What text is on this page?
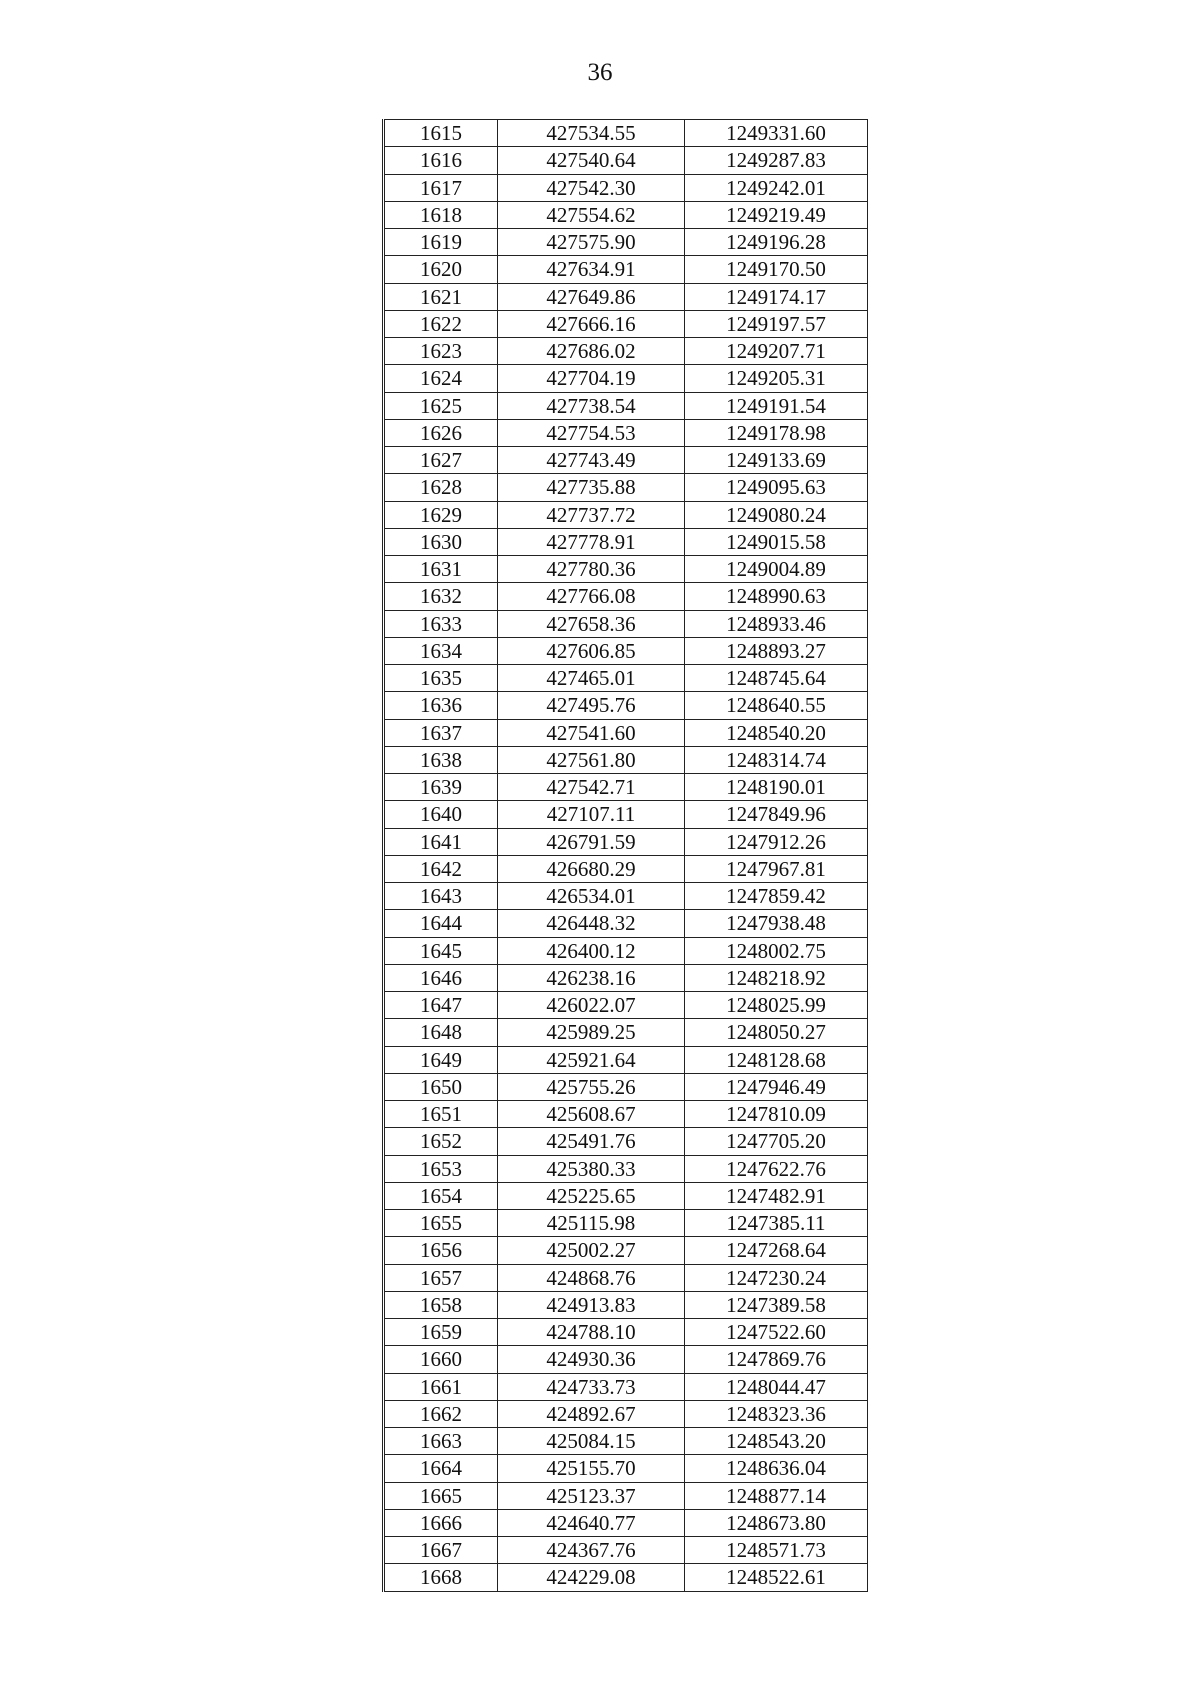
36
1615	427534.55	1249331.60
1616	427540.64	1249287.83
1617	427542.30	1249242.01
1618	427554.62	1249219.49
1619	427575.90	1249196.28
1620	427634.91	1249170.50
1621	427649.86	1249174.17
1622	427666.16	1249197.57
1623	427686.02	1249207.71
1624	427704.19	1249205.31
1625	427738.54	1249191.54
1626	427754.53	1249178.98
1627	427743.49	1249133.69
1628	427735.88	1249095.63
1629	427737.72	1249080.24
1630	427778.91	1249015.58
1631	427780.36	1249004.89
1632	427766.08	1248990.63
1633	427658.36	1248933.46
1634	427606.85	1248893.27
1635	427465.01	1248745.64
1636	427495.76	1248640.55
1637	427541.60	1248540.20
1638	427561.80	1248314.74
1639	427542.71	1248190.01
1640	427107.11	1247849.96
1641	426791.59	1247912.26
1642	426680.29	1247967.81
1643	426534.01	1247859.42
1644	426448.32	1247938.48
1645	426400.12	1248002.75
1646	426238.16	1248218.92
1647	426022.07	1248025.99
1648	425989.25	1248050.27
1649	425921.64	1248128.68
1650	425755.26	1247946.49
1651	425608.67	1247810.09
1652	425491.76	1247705.20
1653	425380.33	1247622.76
1654	425225.65	1247482.91
1655	425115.98	1247385.11
1656	425002.27	1247268.64
1657	424868.76	1247230.24
1658	424913.83	1247389.58
1659	424788.10	1247522.60
1660	424930.36	1247869.76
1661	424733.73	1248044.47
1662	424892.67	1248323.36
1663	425084.15	1248543.20
1664	425155.70	1248636.04
1665	425123.37	1248877.14
1666	424640.77	1248673.80
1667	424367.76	1248571.73
1668	424229.08	1248522.61
